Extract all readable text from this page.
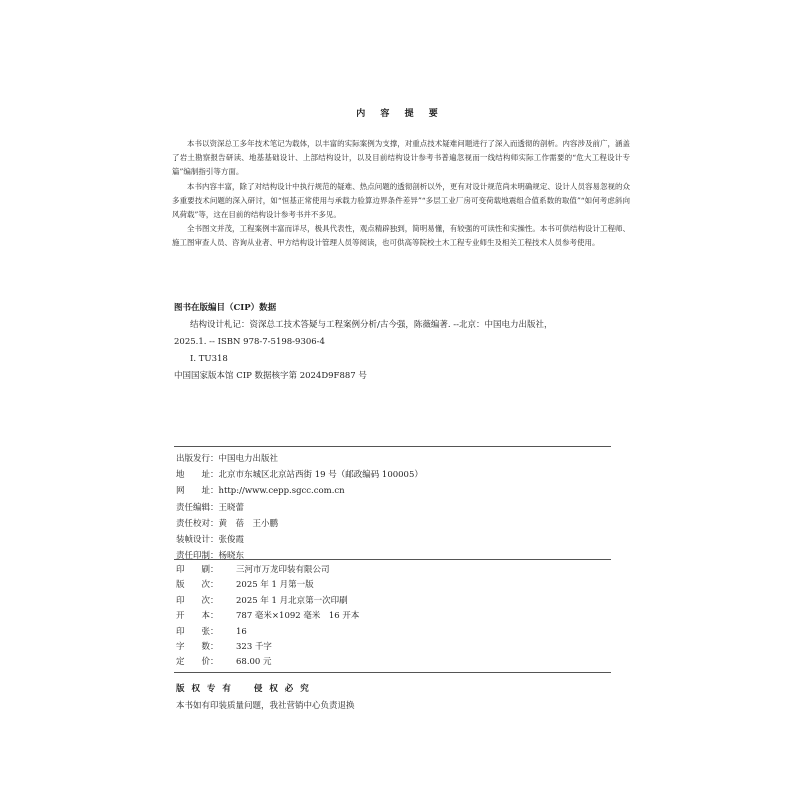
内 容 提 要

本书以资深总工多年技术笔记为载体，以丰富的实际案例为支撑，对重点技术疑难问题进行了深入而透彻的剖析。内容涉及前广，涵盖了岩土勘察报告研读、地基基础设计、上部结构设计，以及目前结构设计参考书普遍忽视而一线结构师实际工作需要的“危大工程设计专篇”编制指引等方面。

本书内容丰富，除了对结构设计中执行规范的疑难、热点问题的透彻剖析以外，更有对设计规范尚未明确规定、设计人员容易忽视的众多重要技术问题的深入研讨，如“恒基正常使用与承载力验算边界条件差异”“多层工业厂房可变荷载地震组合值系数的取值”“如何考虑斜向风荷载”等，这在目前的结构设计参考书并不多见。

全书图文并茂，工程案例丰富而详尽，极具代表性，观点精辟独到，简明易懂，有较强的可读性和实操性。本书可供结构设计工程师、施工图审查人员、咨询从业者、甲方结构设计管理人员等阅读，也可供高等院校土木工程专业师生及相关工程技术人员参考使用。

图书在版编目（CIP）数据
结构设计札记：资深总工技术答疑与工程案例分析/古今强，陈薇编著. --北京：中国电力出版社，
2025.1. -- ISBN 978-7-5198-9306-4
Ⅰ. TU318
中国国家版本馆 CIP 数据核字第 2024D9F887 号
出版发行：中国电力出版社
地　　址：北京市东城区北京站西街 19 号（邮政编码 100005）
网　　址：http://www.cepp.sgcc.com.cn
责任编辑：王晓蕾
责任校对：黄　蓓　王小鹏
装帧设计：张俊霞
责任印制：杨晓东
印　　刷： 三河市万龙印装有限公司
版　　次： 2025 年 1 月第一版
印　　次： 2025 年 1 月北京第一次印刷
开　　本： 787 毫米×1092 毫米　16 开本
印　　张： 16
字　　数： 323 千字
定　　价： 68.00 元
版 权 专 有　　侵 权 必 究
本书如有印装质量问题，我社营销中心负责退换
